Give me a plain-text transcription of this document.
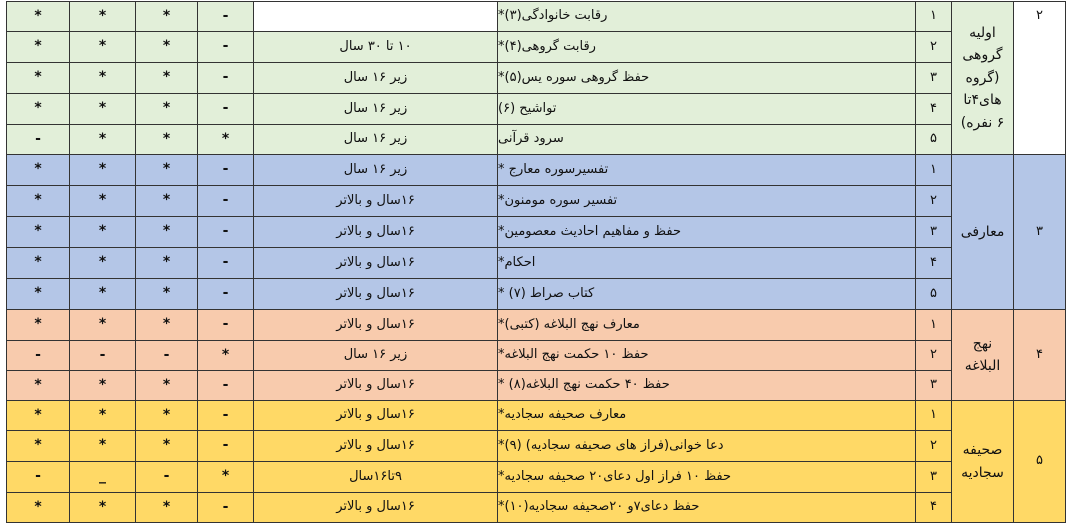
*	*	*	-	رقابت خانوادگی(۳)*	۱
*	*	*	-	۱۰ تا ۳۰ سال	رقابت گروهی(۴)*	۲
*	*	*	-	زیر ۱۶ سال	حفظ گروهی سوره یس(۵)*	۳
*	*	*	-	زیر ۱۶ سال	تواشیح (۶)	۴
-	*	*	*	زیر ۱۶ سال	سرود قرآنی	۵
اولیه گروهی (گروه های۴تا ۶ نفره)
۲
*	*	*	-	زیر ۱۶ سال	تفسیرسوره معارج *	۱
*	*	*	-	۱۶سال و بالاتر	تفسیر سوره مومنون*	۲
*	*	*	-	۱۶سال و بالاتر	حفظ و مفاهیم احادیث معصومین*	۳
*	*	*	-	۱۶سال و بالاتر	احکام*	۴
*	*	*	-	۱۶سال و بالاتر	کتاب صراط (۷) *	۵
معارفی	۳
*	*	*	-	۱۶سال و بالاتر	معارف نهج البلاغه (کتبی)*	۱
-	-	-	*	زیر ۱۶ سال	حفظ ۱۰ حکمت نهج البلاغه*	۲
*	*	*	-	۱۶سال و بالاتر	حفظ ۴۰ حکمت نهج البلاغه(۸) *	۳
نهج البلاغه
۴
*	*	*	-	۱۶سال و بالاتر	معارف صحیفه سجادیه*	۱
*	*	*	-	۱۶سال و بالاتر	دعا خوانی(فراز های صحیفه سجادیه) (۹)*	۲
-	_	-	*	۹تا۱۶سال	حفظ ۱۰ فراز اول دعای۲۰ صحیفه سجادیه*	۳
*	*	*	-	۱۶سال و بالاتر	حفظ دعای۷و ۲۰صحیفه سجادیه(۱۰)*	۴
صحیفه سجادیه
۵
